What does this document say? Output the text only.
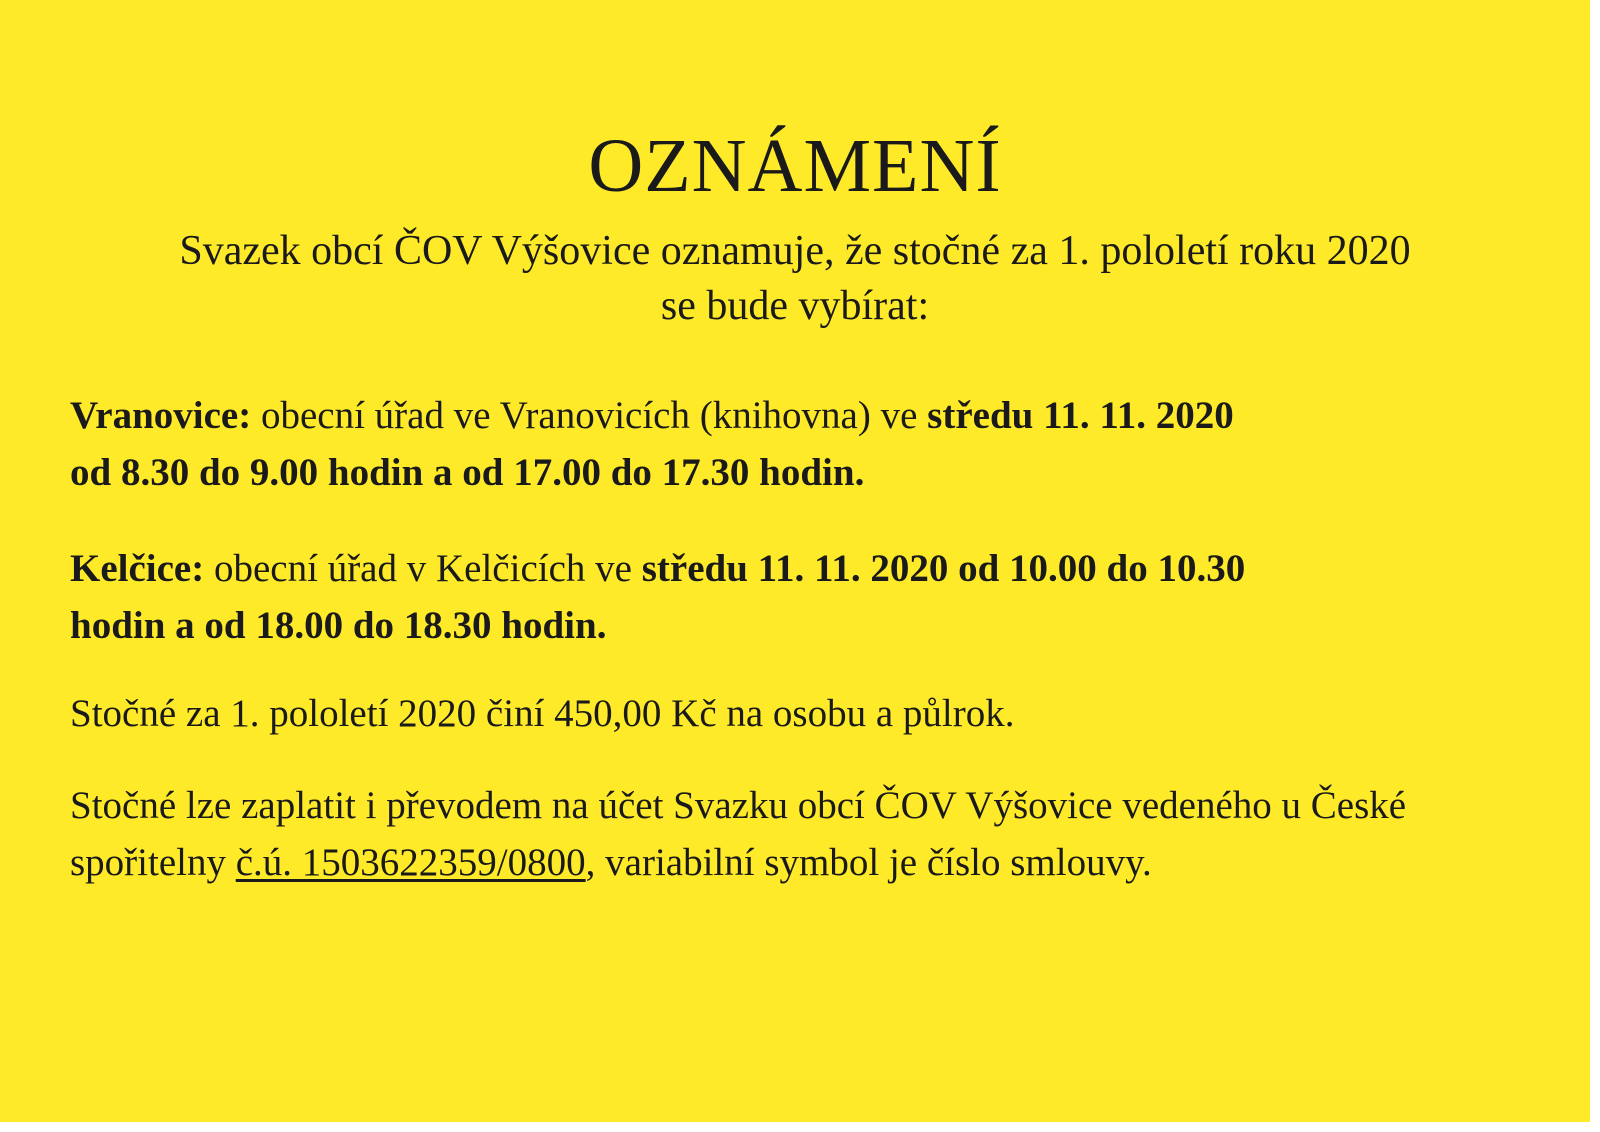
OZNÁMENÍ
Svazek obcí ČOV Výšovice oznamuje, že stočné za 1. pololetí roku 2020
se bude vybírat:
Vranovice: obecní úřad ve Vranovicích (knihovna) ve středu 11. 11. 2020
od 8.30 do 9.00 hodin a od 17.00 do 17.30 hodin.
Kelčice: obecní úřad v Kelčicích ve středu 11. 11. 2020 od 10.00 do 10.30
hodin a od 18.00 do 18.30 hodin.
Stočné za 1. pololetí 2020 činí 450,00 Kč na osobu a půlrok.
Stočné lze zaplatit i převodem na účet Svazku obcí ČOV Výšovice vedeného u České
spořitelny č.ú. 1503622359/0800, variabilní symbol je číslo smlouvy.
